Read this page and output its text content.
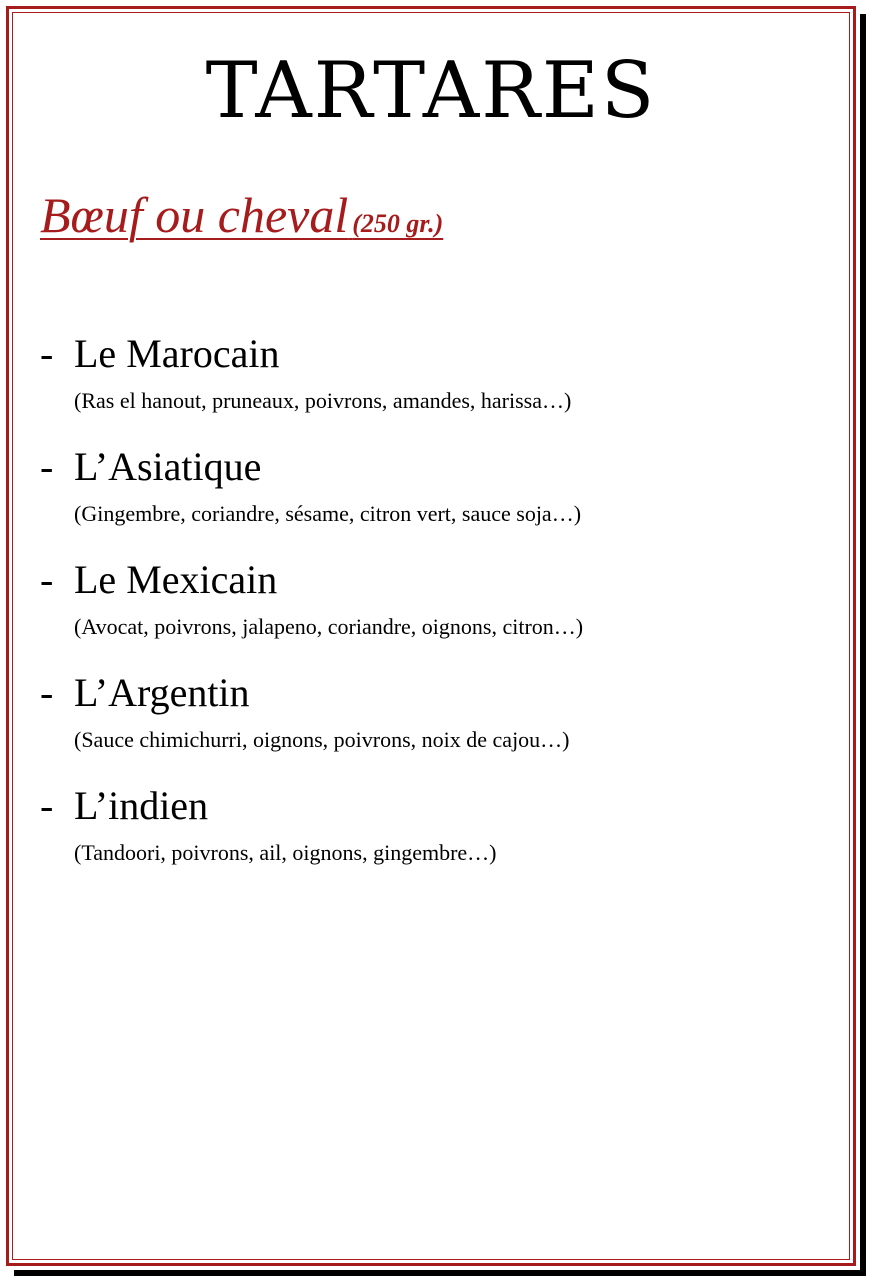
TARTARES
Bœuf ou cheval (250 gr.)
- Le Marocain
(Ras el hanout, pruneaux, poivrons, amandes, harissa…)
- L’Asiatique
(Gingembre, coriandre, sésame, citron vert, sauce soja…)
- Le Mexicain
(Avocat, poivrons, jalapeno, coriandre, oignons, citron…)
- L’Argentin
(Sauce chimichurri, oignons, poivrons, noix de cajou…)
- L’indien
(Tandoori, poivrons, ail, oignons, gingembre…)
